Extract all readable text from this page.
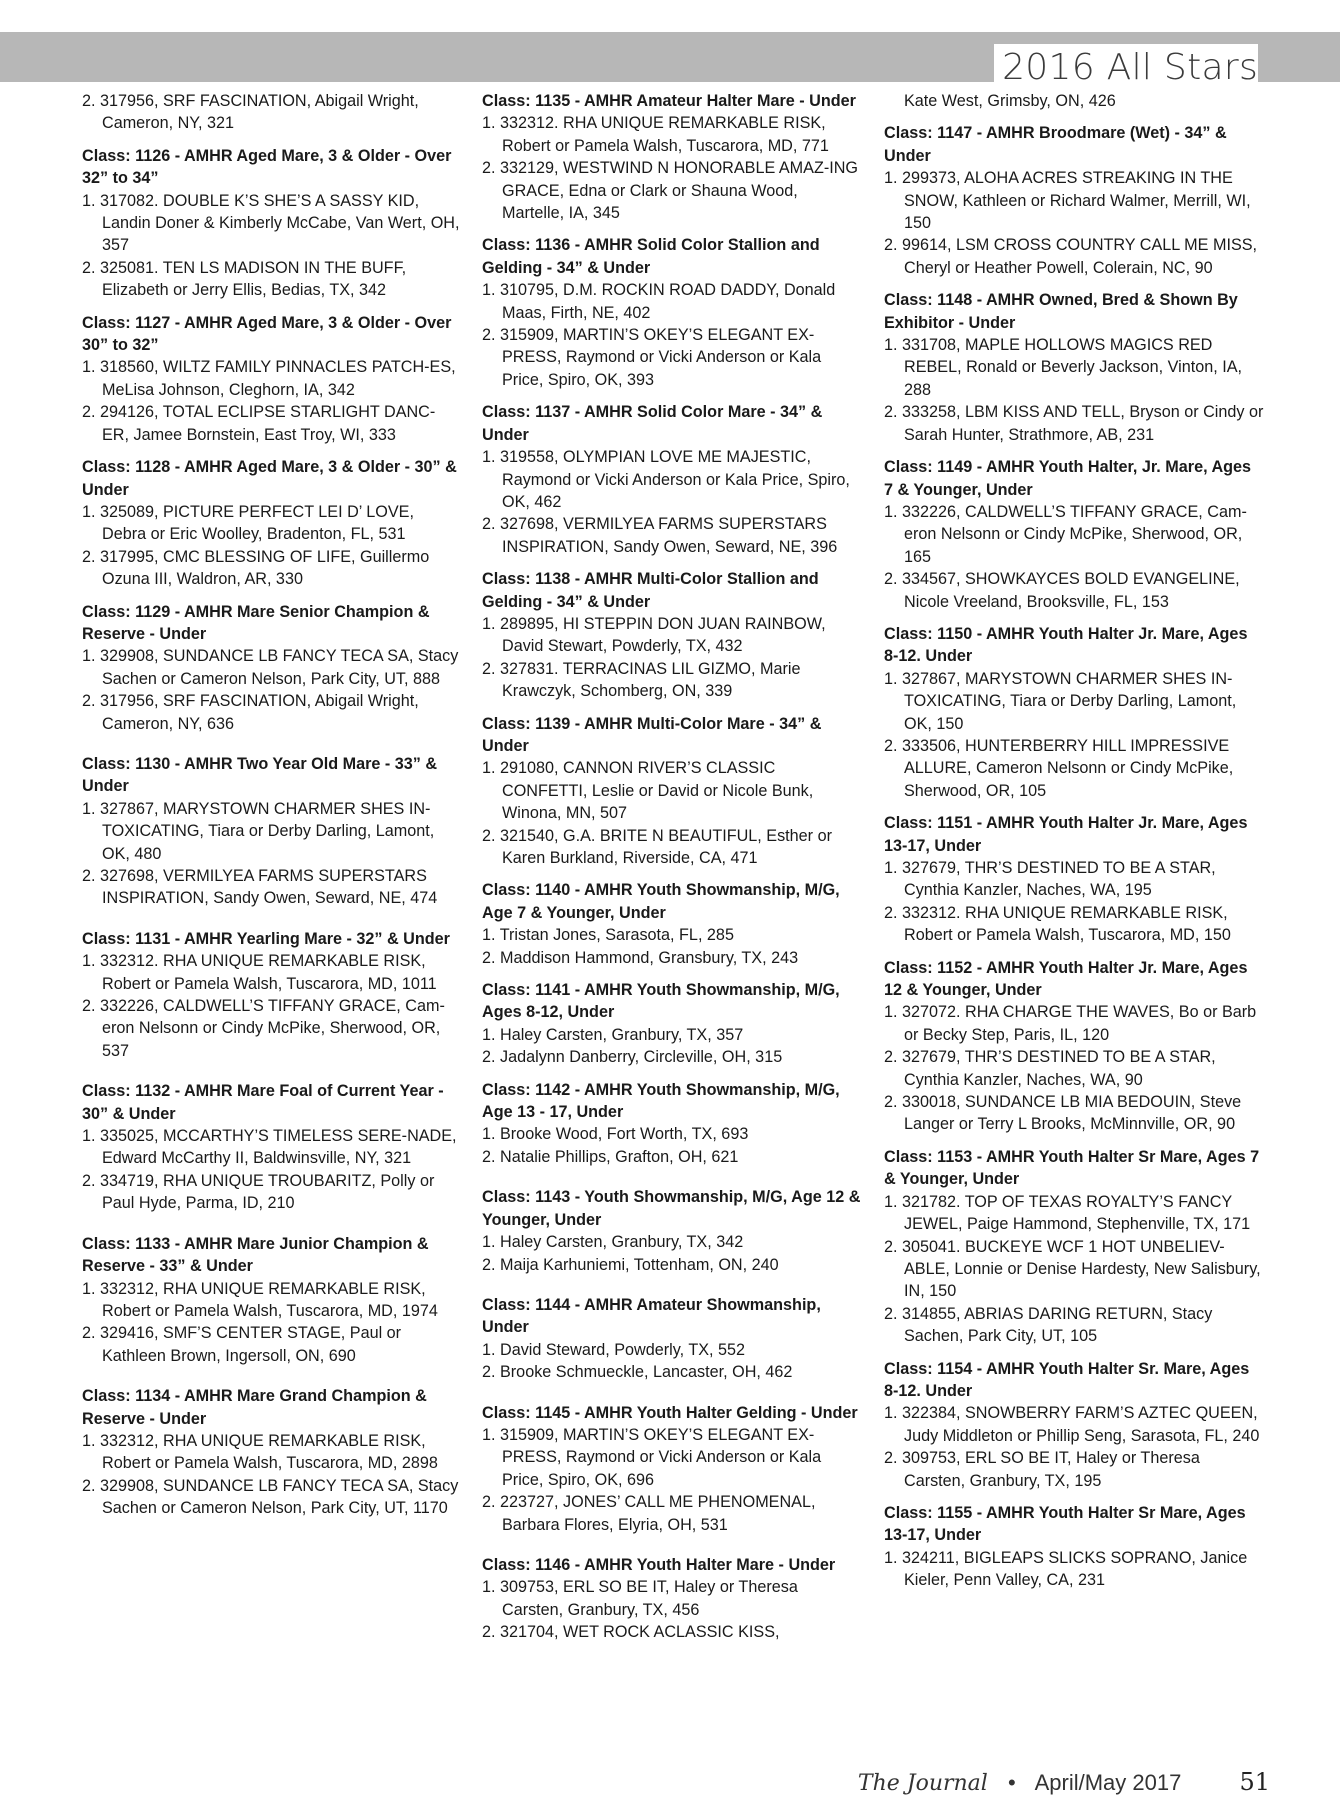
2016 All Stars
2. 317956, SRF FASCINATION, Abigail Wright,
Cameron, NY, 321
Class: 1126 - AMHR Aged Mare, 3 & Older - Over 32” to 34”
1. 317082. DOUBLE K’S SHE’S A SASSY KID, Landin Doner & Kimberly McCabe, Van Wert, OH, 357
2. 325081. TEN LS MADISON IN THE BUFF, Elizabeth or Jerry Ellis, Bedias, TX, 342
Class: 1127 - AMHR Aged Mare, 3 & Older - Over 30” to 32”
1. 318560, WILTZ FAMILY PINNACLES PATCH-ES, MeLisa Johnson, Cleghorn, IA, 342
2. 294126, TOTAL ECLIPSE STARLIGHT DANC-ER, Jamee Bornstein, East Troy, WI, 333
Class: 1128 - AMHR Aged Mare, 3 & Older - 30” & Under
1. 325089, PICTURE PERFECT LEI D’ LOVE, Debra or Eric Woolley, Bradenton, FL, 531
2. 317995, CMC BLESSING OF LIFE, Guillermo Ozuna III, Waldron, AR, 330
Class: 1129 - AMHR Mare Senior Champion & Reserve - Under
1. 329908, SUNDANCE LB FANCY TECA SA, Stacy Sachen or Cameron Nelson, Park City, UT, 888
2. 317956, SRF FASCINATION, Abigail Wright, Cameron, NY, 636
Class: 1130 - AMHR Two Year Old Mare - 33” & Under
1. 327867, MARYSTOWN CHARMER SHES IN-TOXICATING, Tiara or Derby Darling, Lamont, OK, 480
2. 327698, VERMILYEA FARMS SUPERSTARS INSPIRATION, Sandy Owen, Seward, NE, 474
Class: 1131 - AMHR Yearling Mare - 32” & Under
1. 332312. RHA UNIQUE REMARKABLE RISK, Robert or Pamela Walsh, Tuscarora, MD, 1011
2. 332226, CALDWELL’S TIFFANY GRACE, Cam-eron Nelsonn or Cindy McPike, Sherwood, OR, 537
Class: 1132 - AMHR Mare Foal of Current Year - 30” & Under
1. 335025, MCCARTHY’S TIMELESS SERE-NADE, Edward McCarthy II, Baldwinsville, NY, 321
2. 334719, RHA UNIQUE TROUBARITZ, Polly or Paul Hyde, Parma, ID, 210
Class: 1133 - AMHR Mare Junior Champion & Reserve - 33” & Under
1. 332312, RHA UNIQUE REMARKABLE RISK, Robert or Pamela Walsh, Tuscarora, MD, 1974
2. 329416, SMF’S CENTER STAGE, Paul or Kathleen Brown, Ingersoll, ON, 690
Class: 1134 - AMHR Mare Grand Champion & Reserve - Under
1. 332312, RHA UNIQUE REMARKABLE RISK, Robert or Pamela Walsh, Tuscarora, MD, 2898
2. 329908, SUNDANCE LB FANCY TECA SA, Stacy Sachen or Cameron Nelson, Park City, UT, 1170
Class: 1135 - AMHR Amateur Halter Mare - Under
1. 332312. RHA UNIQUE REMARKABLE RISK, Robert or Pamela Walsh, Tuscarora, MD, 771
2. 332129, WESTWIND N HONORABLE AMAZ-ING GRACE, Edna or Clark or Shauna Wood, Martelle, IA, 345
Class: 1136 - AMHR Solid Color Stallion and Gelding - 34” & Under
1. 310795, D.M. ROCKIN ROAD DADDY, Donald Maas, Firth, NE, 402
2. 315909, MARTIN’S OKEY’S ELEGANT EX-PRESS, Raymond or Vicki Anderson or Kala Price, Spiro, OK, 393
Class: 1137 - AMHR Solid Color Mare - 34” & Under
1. 319558, OLYMPIAN LOVE ME MAJESTIC, Raymond or Vicki Anderson or Kala Price, Spiro, OK, 462
2. 327698, VERMILYEA FARMS SUPERSTARS INSPIRATION, Sandy Owen, Seward, NE, 396
Class: 1138 - AMHR Multi-Color Stallion and Gelding - 34” & Under
1. 289895, HI STEPPIN DON JUAN RAINBOW, David Stewart, Powderly, TX, 432
2. 327831. TERRACINAS LIL GIZMO, Marie Krawczyk, Schomberg, ON, 339
Class: 1139 - AMHR Multi-Color Mare - 34” & Under
1. 291080, CANNON RIVER’S CLASSIC CONFETTI, Leslie or David or Nicole Bunk, Winona, MN, 507
2. 321540, G.A. BRITE N BEAUTIFUL, Esther or Karen Burkland, Riverside, CA, 471
Class: 1140 - AMHR Youth Showmanship, M/G, Age 7 & Younger, Under
1. Tristan Jones, Sarasota, FL, 285
2. Maddison Hammond, Gransbury, TX, 243
Class: 1141 - AMHR Youth Showmanship, M/G, Ages 8-12, Under
1. Haley Carsten, Granbury, TX, 357
2. Jadalynn Danberry, Circleville, OH, 315
Class: 1142 - AMHR Youth Showmanship, M/G, Age 13 - 17, Under
1. Brooke Wood, Fort Worth, TX, 693
2. Natalie Phillips, Grafton, OH, 621
Class: 1143 - Youth Showmanship, M/G, Age 12 & Younger, Under
1. Haley Carsten, Granbury, TX, 342
2. Maija Karhuniemi, Tottenham, ON, 240
Class: 1144 - AMHR Amateur Showmanship, Under
1. David Steward, Powderly, TX, 552
2. Brooke Schmueckle, Lancaster, OH, 462
Class: 1145 - AMHR Youth Halter Gelding - Under
1. 315909, MARTIN’S OKEY’S ELEGANT EX-PRESS, Raymond or Vicki Anderson or Kala Price, Spiro, OK, 696
2. 223727, JONES’ CALL ME PHENOMENAL, Barbara Flores, Elyria, OH, 531
Class: 1146 - AMHR Youth Halter Mare - Under
1. 309753, ERL SO BE IT, Haley or Theresa Carsten, Granbury, TX, 456
2. 321704, WET ROCK ACLASSIC KISS,
Kate West, Grimsby, ON, 426
Class: 1147 - AMHR Broodmare (Wet) - 34” & Under
1. 299373, ALOHA ACRES STREAKING IN THE SNOW, Kathleen or Richard Walmer, Merrill, WI, 150
2. 99614, LSM CROSS COUNTRY CALL ME MISS, Cheryl or Heather Powell, Colerain, NC, 90
Class: 1148 - AMHR Owned, Bred & Shown By Exhibitor - Under
1. 331708, MAPLE HOLLOWS MAGICS RED REBEL, Ronald or Beverly Jackson, Vinton, IA, 288
2. 333258, LBM KISS AND TELL, Bryson or Cindy or Sarah Hunter, Strathmore, AB, 231
Class: 1149 - AMHR Youth Halter, Jr. Mare, Ages 7 & Younger, Under
1. 332226, CALDWELL’S TIFFANY GRACE, Cam-eron Nelsonn or Cindy McPike, Sherwood, OR, 165
2. 334567, SHOWKAYCES BOLD EVANGELINE, Nicole Vreeland, Brooksville, FL, 153
Class: 1150 - AMHR Youth Halter Jr. Mare, Ages 8-12. Under
1. 327867, MARYSTOWN CHARMER SHES IN-TOXICATING, Tiara or Derby Darling, Lamont, OK, 150
2. 333506, HUNTERBERRY HILL IMPRESSIVE ALLURE, Cameron Nelsonn or Cindy McPike, Sherwood, OR, 105
Class: 1151 - AMHR Youth Halter Jr. Mare, Ages 13-17, Under
1. 327679, THR’S DESTINED TO BE A STAR, Cynthia Kanzler, Naches, WA, 195
2. 332312. RHA UNIQUE REMARKABLE RISK, Robert or Pamela Walsh, Tuscarora, MD, 150
Class: 1152 - AMHR Youth Halter Jr. Mare, Ages 12 & Younger, Under
1. 327072. RHA CHARGE THE WAVES, Bo or Barb or Becky Step, Paris, IL, 120
2. 327679, THR’S DESTINED TO BE A STAR, Cynthia Kanzler, Naches, WA, 90
2. 330018, SUNDANCE LB MIA BEDOUIN, Steve Langer or Terry L Brooks, McMinnville, OR, 90
Class: 1153 - AMHR Youth Halter Sr Mare, Ages 7 & Younger, Under
1. 321782. TOP OF TEXAS ROYALTY’S FANCY JEWEL, Paige Hammond, Stephenville, TX, 171
2. 305041. BUCKEYE WCF 1 HOT UNBELIEV-ABLE, Lonnie or Denise Hardesty, New Salisbury, IN, 150
2. 314855, ABRIAS DARING RETURN, Stacy Sachen, Park City, UT, 105
Class: 1154 - AMHR Youth Halter Sr. Mare, Ages 8-12. Under
1. 322384, SNOWBERRY FARM’S AZTEC QUEEN, Judy Middleton or Phillip Seng, Sarasota, FL, 240
2. 309753, ERL SO BE IT, Haley or Theresa Carsten, Granbury, TX, 195
Class: 1155 - AMHR Youth Halter Sr Mare, Ages 13-17, Under
1. 324211, BIGLEAPS SLICKS SOPRANO, Janice Kieler, Penn Valley, CA, 231
The Journal • April/May 2017 51
